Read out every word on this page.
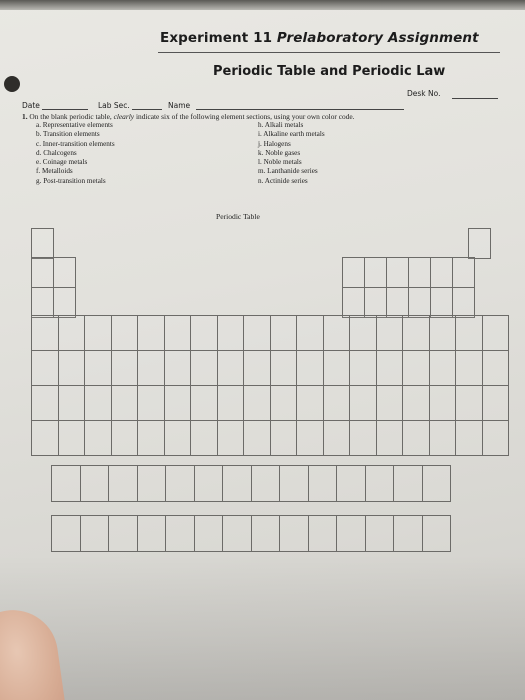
Experiment 11 Prelaboratory Assignment
Periodic Table and Periodic Law
Desk No.
Date	Lab Sec.	Name
1. On the blank periodic table, clearly indicate six of the following element sections, using your own color code.
a. Representative elements
b. Transition elements
c. Inner-transition elements
d. Chalcogens
e. Coinage metals
f. Metalloids
g. Post-transition metals
h. Alkali metals
i. Alkaline earth metals
j. Halogens
k. Noble gases
l. Noble metals
m. Lanthanide series
n. Actinide series
Periodic Table
